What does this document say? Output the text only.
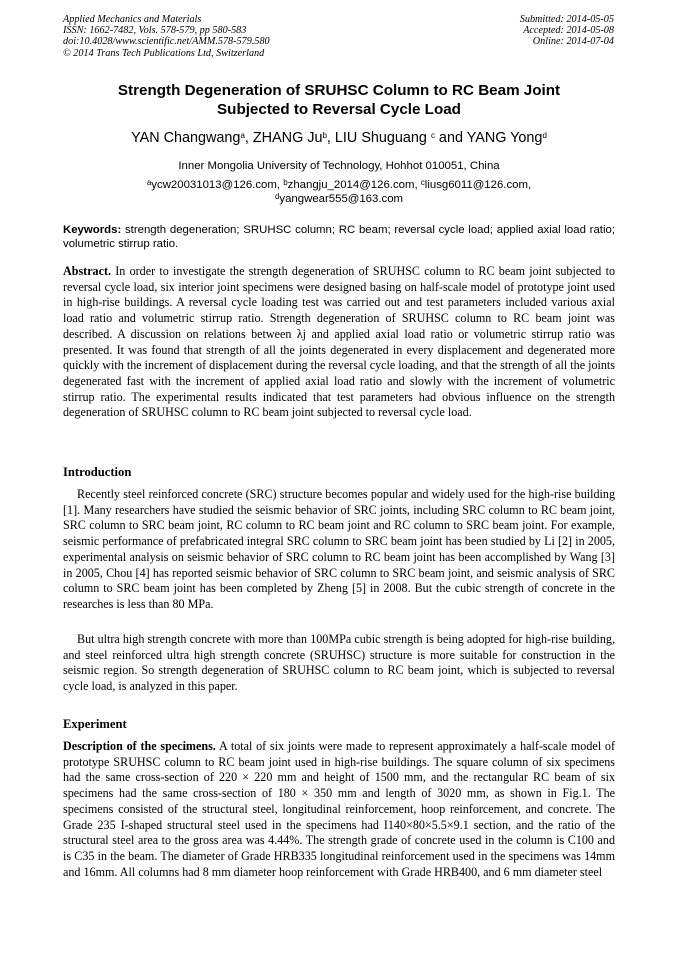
Applied Mechanics and Materials
ISSN: 1662-7482, Vols. 578-579, pp 580-583
doi:10.4028/www.scientific.net/AMM.578-579.580
© 2014 Trans Tech Publications Ltd, Switzerland
Submitted: 2014-05-05
Accepted: 2014-05-08
Online: 2014-07-04
Strength Degeneration of SRUHSC Column to RC Beam Joint
Subjected to Reversal Cycle Load
YAN Changwang$^a$, ZHANG Ju$^b$, LIU Shuguang $^c$ and YANG Yong$^d$
Inner Mongolia University of Technology, Hohhot 010051, China
$^a$ycw20031013@126.com, $^b$zhangju_2014@126.com, $^c$liusg6011@126.com,
$^d$yangwear555@163.com
Keywords: strength degeneration; SRUHSC column; RC beam; reversal cycle load; applied axial load ratio; volumetric stirrup ratio.
Abstract. In order to investigate the strength degeneration of SRUHSC column to RC beam joint subjected to reversal cycle load, six interior joint specimens were designed basing on half-scale model of prototype joint used in high-rise buildings. A reversal cycle loading test was carried out and test parameters included various axial load ratio and volumetric stirrup ratio. Strength degeneration of SRUHSC column to RC beam joint was described. A discussion on relations between λj and applied axial load ratio or volumetric stirrup ratio was presented. It was found that strength of all the joints degenerated in every displacement and degenerated more quickly with the increment of displacement during the reversal cycle loading, and that the strength of all the joints degenerated fast with the increment of applied axial load ratio and slowly with the increment of volumetric stirrup ratio. The experimental results indicated that test parameters had obvious influence on the strength degeneration of SRUHSC column to RC beam joint subjected to reversal cycle load.
Introduction
Recently steel reinforced concrete (SRC) structure becomes popular and widely used for the high-rise building [1]. Many researchers have studied the seismic behavior of SRC joints, including SRC column to RC beam joint, SRC column to SRC beam joint, RC column to RC beam joint and RC column to SRC beam joint. For example, seismic performance of prefabricated integral SRC column to SRC beam joint has been studied by Li [2] in 2005, experimental analysis on seismic behavior of SRC column to RC beam joint has been accomplished by Wang [3] in 2005, Chou [4] has reported seismic behavior of SRC column to SRC beam joint, and seismic analysis of SRC column to SRC beam joint has been completed by Zheng [5] in 2008. But the cubic strength of concrete in the researches is less than 80 MPa.
But ultra high strength concrete with more than 100MPa cubic strength is being adopted for high-rise building, and steel reinforced ultra high strength concrete (SRUHSC) structure is more suitable for construction in the seismic region. So strength degeneration of SRUHSC column to RC beam joint, which is subjected to reversal cycle load, is analyzed in this paper.
Experiment
Description of the specimens. A total of six joints were made to represent approximately a half-scale model of prototype SRUHSC column to RC beam joint used in high-rise buildings. The square column of six specimens had the same cross-section of 220 × 220 mm and height of 1500 mm, and the rectangular RC beam of six specimens had the same cross-section of 180 × 350 mm and length of 3020 mm, as shown in Fig.1. The specimens consisted of the structural steel, longitudinal reinforcement, hoop reinforcement, and concrete. The Grade 235 I-shaped structural steel used in the specimens had I140×80×5.5×9.1 section, and the ratio of the structural steel area to the gross area was 4.44%. The strength grade of concrete used in the column is C100 and is C35 in the beam. The diameter of Grade HRB335 longitudinal reinforcement used in the specimens was 14mm and 16mm. All columns had 8 mm diameter hoop reinforcement with Grade HRB400, and 6 mm diameter steel
